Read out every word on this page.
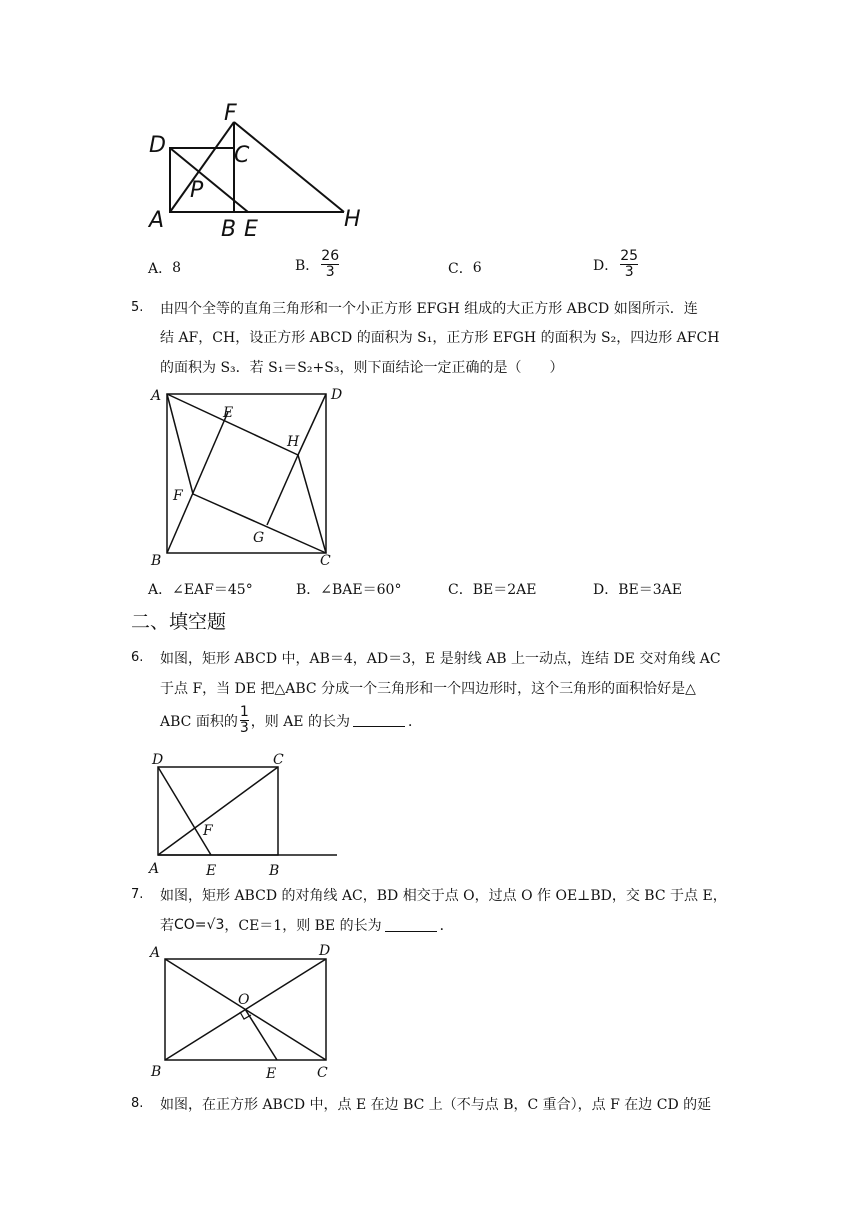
F
D	C
P
A	B E	H
A． 8	B． $\frac{26}{3}$	C． 6	D． $\frac{25}{3}$
5. 由四个全等的直角三角形和一个小正方形 EFGH 组成的大正方形 ABCD 如图所示．连
结 AF，CH，设正方形 ABCD 的面积为 S₁，正方形 EFGH 的面积为 S₂，四边形 AFCH
的面积为 S₃．若 S₁＝S₂+S₃，则下面结论一定正确的是（　　）
A	D
E
H
F
G
B	C
A．∠EAF＝45°	B．∠BAE＝60°	C．BE＝2AE	D．BE＝3AE
二、填空题
6. 如图，矩形 ABCD 中，AB＝4，AD＝3，E 是射线 AB 上一动点，连结 DE 交对角线 AC
于点 F，当 DE 把△ABC 分成一个三角形和一个四边形时，这个三角形的面积恰好是△
ABC 面积的 $\frac{1}{3}$ ，则 AE 的长为	．
D	C
F
A	E	B
7. 如图，矩形 ABCD 的对角线 AC，BD 相交于点 O，过点 O 作 OE⊥BD，交 BC 于点 E，
若 CO=√3 ，CE＝1，则 BE 的长为	．
A	D
O
B	E	C
8. 如图，在正方形 ABCD 中，点 E 在边 BC 上（不与点 B，C 重合），点 F 在边 CD 的延
